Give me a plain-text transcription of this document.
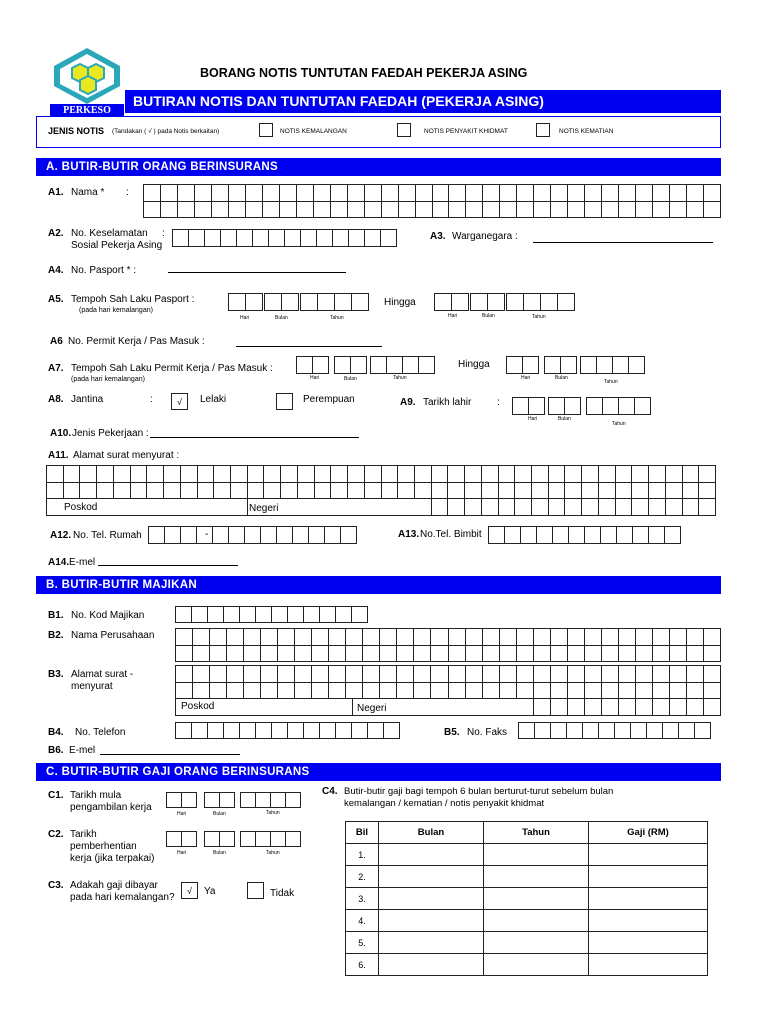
PERKESO
BORANG NOTIS TUNTUTAN FAEDAH PEKERJA ASING
BUTIRAN NOTIS DAN TUNTUTAN FAEDAH (PEKERJA ASING)
JENIS NOTIS (Tandakan ( √ ) pada Notis berkaitan)	NOTIS KEMALANGAN	NOTIS PENYAKIT KHIDMAT	NOTIS KEMATIAN
A. BUTIR-BUTIR ORANG BERINSURANS
A1. Nama * :
A2. No. Keselamatan :
Sosial Pekerja Asing
A3. Warganegara :
A4. No. Pasport * :
A5. Tempoh Sah Laku Pasport :
(pada hari kemalangan)
Hari	Bulan	Tahun
Hingga
Hari	Bulan	Tahun
A6 No. Permit Kerja / Pas Masuk :
A7. Tempoh Sah Laku Permit Kerja / Pas Masuk :
(pada hari kemalangan)	Hari	Bulan	Tahun
Hingga
Hari	Bulan
Tahun
A8. Jantina	:	√	Lelaki	Perempuan	A9. Tarikh lahir	:
Hari	Bulan
Tahun
A10. Jenis Pekerjaan :
A11. Alamat surat menyurat :
Poskod	Negeri
A12. No. Tel. Rumah	-	A13. No.Tel. Bimbit
A14. E-mel
B. BUTIR-BUTIR MAJIKAN
B1. No. Kod Majikan
B2. Nama Perusahaan
B3. Alamat surat -
menyurat
Poskod	Negeri
B4. No. Telefon	B5. No. Faks
B6. E-mel
C. BUTIR-BUTIR GAJI ORANG BERINSURANS
C1. Tarikh mula
pengambilan kerja
Hari	Bulan	Tahun
C2. Tarikh
pemberhentian
kerja (jika terpakai)	Hari	Bulan	Tahun
C3. Adakah gaji dibayar
pada hari kemalangan?
√	Ya	Tidak
C4. Butir-butir gaji bagi tempoh 6 bulan berturut-turut sebelum bulan
kemalangan / kematian / notis penyakit khidmat
Bil	Bulan	Tahun	Gaji (RM)
1.			
2.			
3.			
4.			
5.			
6.			
